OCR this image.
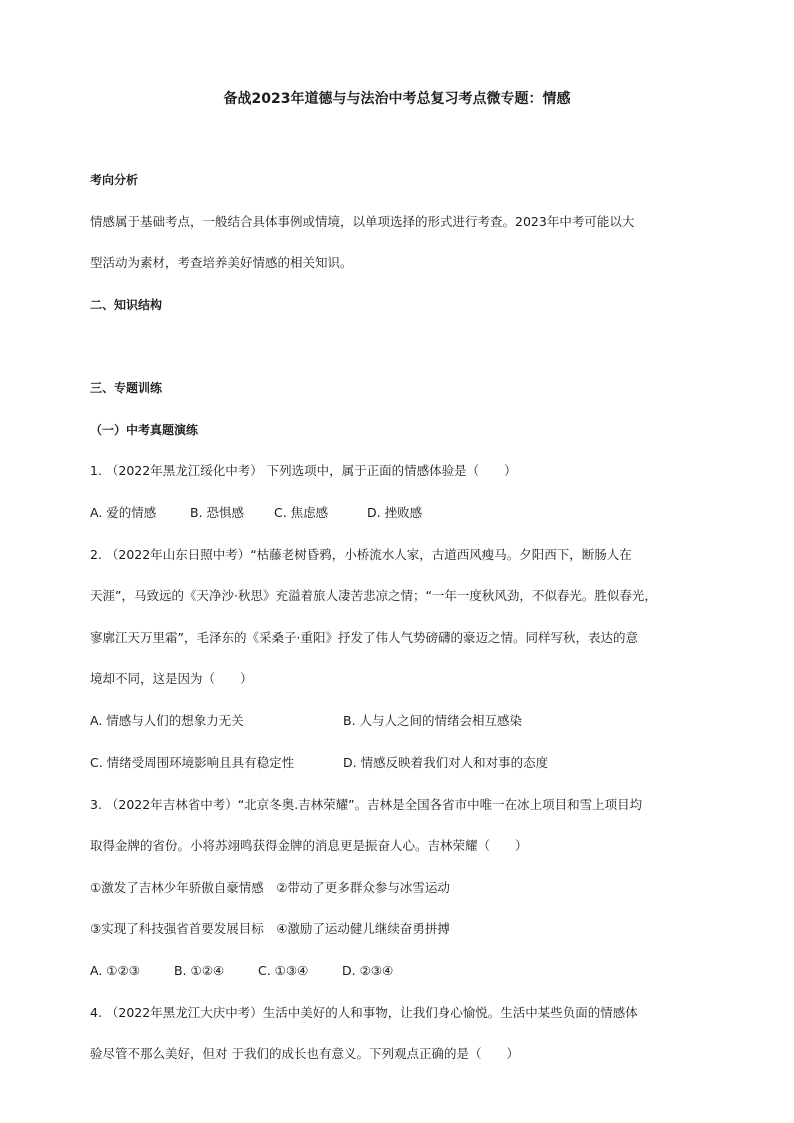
备战2023年道德与与法治中考总复习考点微专题：情感
考向分析
情感属于基础考点，一般结合具体事例或情境，以单项选择的形式进行考查。2023年中考可能以大
型活动为素材，考查培养美好情感的相关知识。
二、知识结构
三、专题训练
（一）中考真题演练
1. （2022年黑龙江绥化中考） 下列选项中，属于正面的情感体验是（　　）
A. 爱的情感	B. 恐惧感 C. 焦虑感	D. 挫败感
2. （2022年山东日照中考）“枯藤老树昏鸦，小桥流水人家，古道西风瘦马。夕阳西下，断肠人在
天涯”，马致远的《天净沙·秋思》充溢着旅人凄苦悲凉之情；“一年一度秋风劲，不似春光。胜似春光，
寥廓江天万里霜”，毛泽东的《采桑子·重阳》抒发了伟人气势磅礴的豪迈之情。同样写秋，表达的意
境却不同，这是因为（　　）
A. 情感与人们的想象力无关	B. 人与人之间的情绪会相互感染
C. 情绪受周围环境影响且具有稳定性	D. 情感反映着我们对人和对事的态度
3. （2022年吉林省中考）“北京冬奥.吉林荣耀”。吉林是全国各省市中唯一在冰上项目和雪上项目均
取得金牌的省份。小将苏翊鸣获得金牌的消息更是振奋人心。吉林荣耀（　　）
①激发了吉林少年骄傲自豪情感　②带动了更多群众参与冰雪运动
③实现了科技强省首要发展目标　④激励了运动健儿继续奋勇拼搏
A. ①②③	B. ①②④	C. ①③④	D. ②③④
4. （2022年黑龙江大庆中考）生活中美好的人和事物，让我们身心愉悦。生活中某些负面的情感体
验尽管不那么美好，但对 于我们的成长也有意义。下列观点正确的是（　　）
